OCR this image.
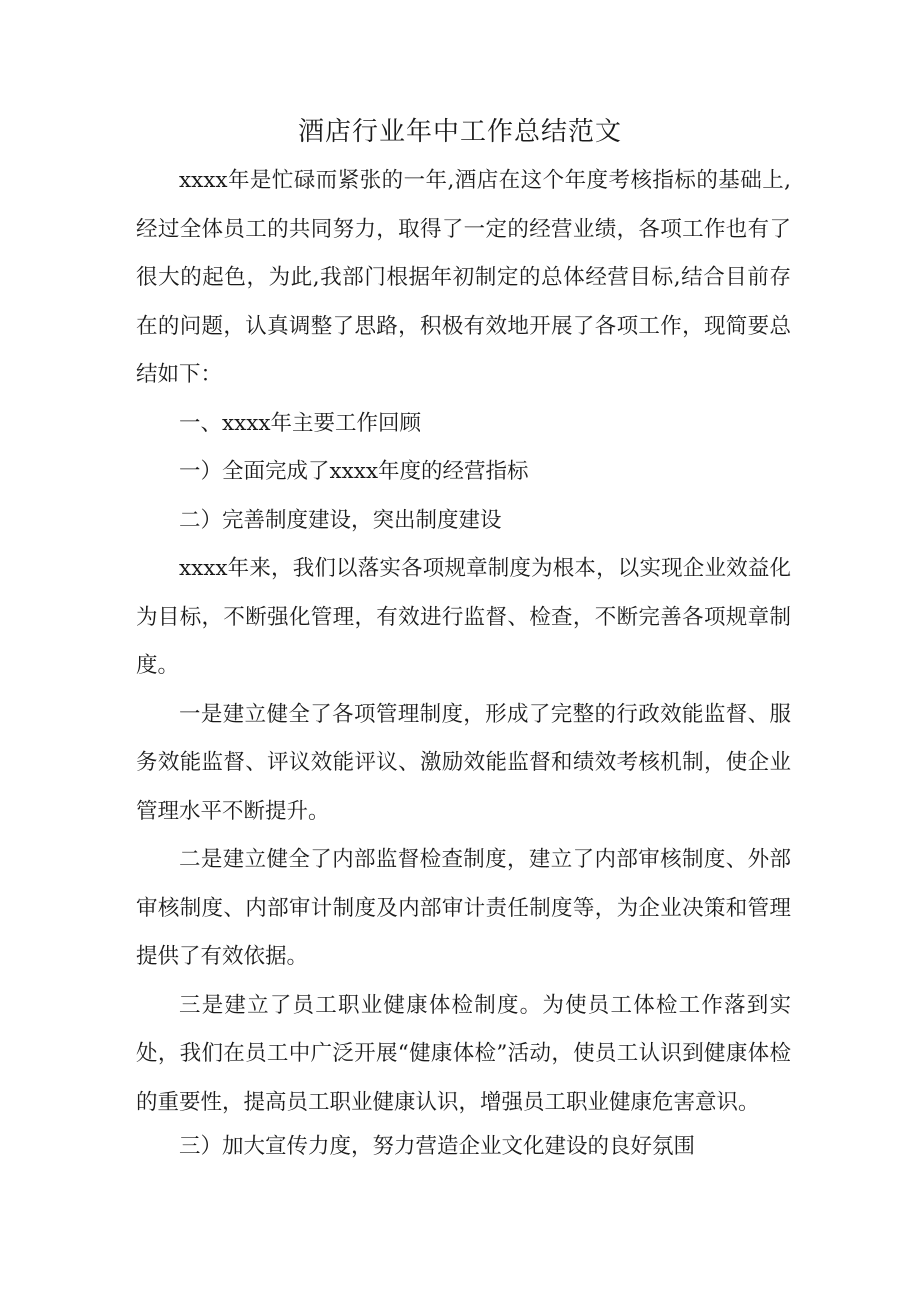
酒店行业年中工作总结范文

xxxx年是忙碌而紧张的一年,酒店在这个年度考核指标的基础上,经过全体员工的共同努力，取得了一定的经营业绩，各项工作也有了很大的起色，为此,我部门根据年初制定的总体经营目标,结合目前存在的问题，认真调整了思路，积极有效地开展了各项工作，现简要总结如下：

一、xxxx年主要工作回顾

一）全面完成了xxxx年度的经营指标

二）完善制度建设，突出制度建设

xxxx年来，我们以落实各项规章制度为根本，以实现企业效益化为目标，不断强化管理，有效进行监督、检查，不断完善各项规章制度。

一是建立健全了各项管理制度，形成了完整的行政效能监督、服务效能监督、评议效能评议、激励效能监督和绩效考核机制，使企业管理水平不断提升。

二是建立健全了内部监督检查制度，建立了内部审核制度、外部审核制度、内部审计制度及内部审计责任制度等，为企业决策和管理提供了有效依据。

三是建立了员工职业健康体检制度。为使员工体检工作落到实处，我们在员工中广泛开展“健康体检”活动，使员工认识到健康体检的重要性，提高员工职业健康认识，增强员工职业健康危害意识。

三）加大宣传力度，努力营造企业文化建设的良好氛围
